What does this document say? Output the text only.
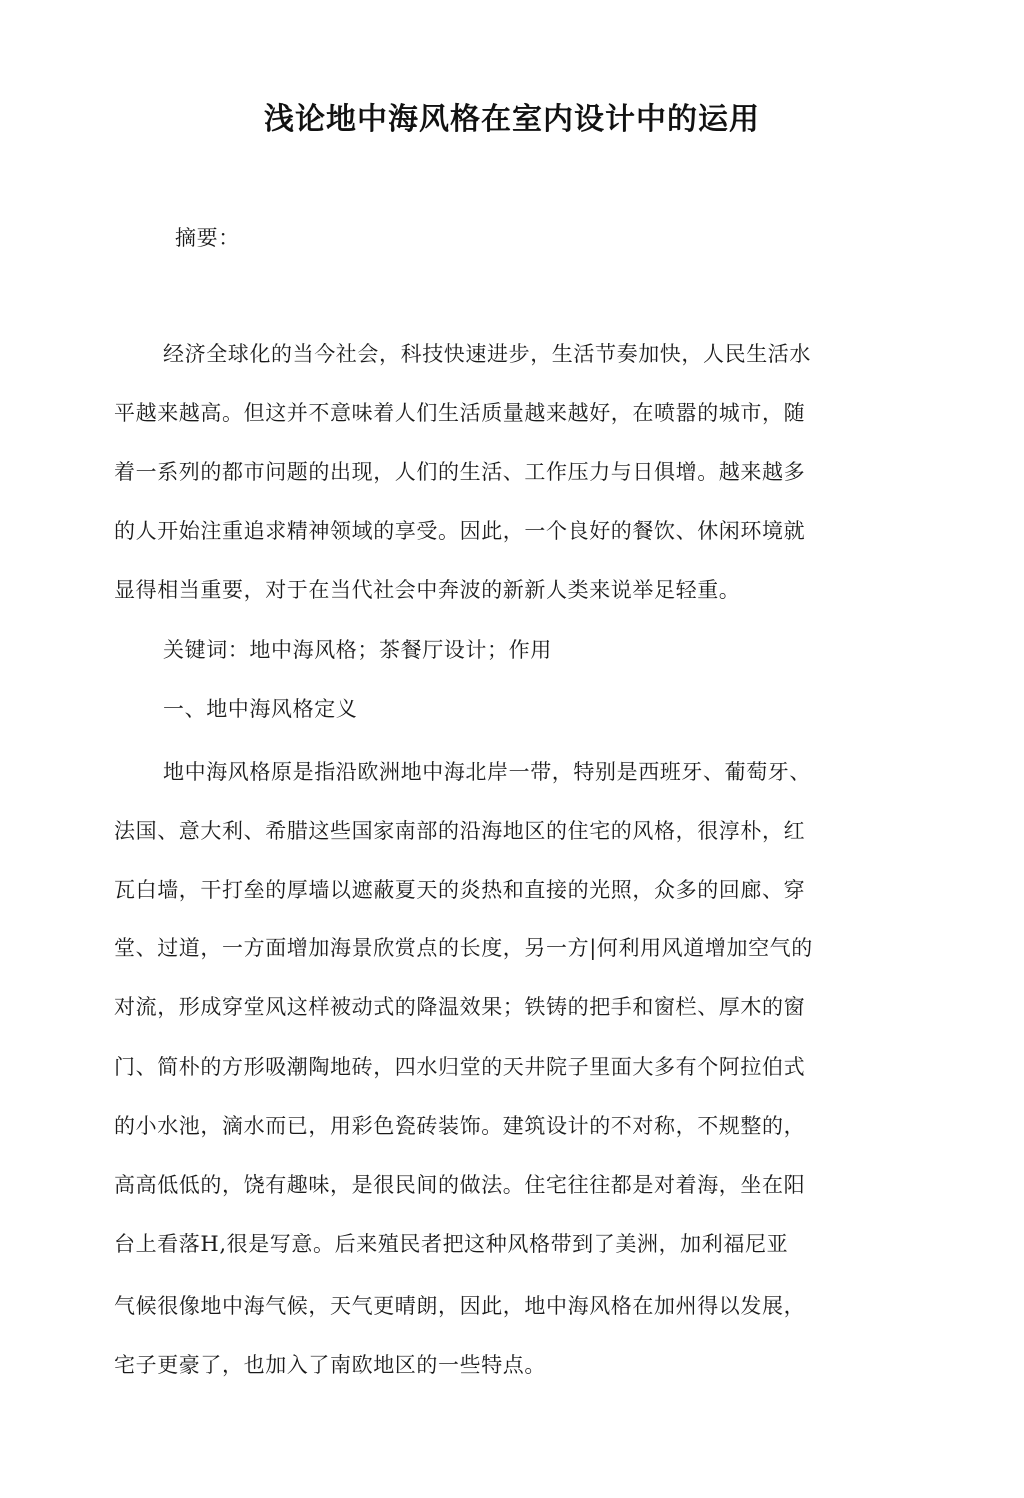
浅论地中海风格在室内设计中的运用

摘要：

经济全球化的当今社会，科技快速进步，生活节奏加快，人民生活水

平越来越高。但这并不意味着人们生活质量越来越好，在喷嚣的城市，随

着一系列的都市问题的出现，人们的生活、工作压力与日俱增。越来越多

的人开始注重追求精神领域的享受。因此，一个良好的餐饮、休闲环境就

显得相当重要，对于在当代社会中奔波的新新人类来说举足轻重。

关键词：地中海风格；茶餐厅设计；作用

一、地中海风格定义

地中海风格原是指沿欧洲地中海北岸一带，特别是西班牙、葡萄牙、

法国、意大利、希腊这些国家南部的沿海地区的住宅的风格，很淳朴，红

瓦白墙，干打垒的厚墙以遮蔽夏天的炎热和直接的光照，众多的回廊、穿

堂、过道，一方面增加海景欣赏点的长度，另一方|何利用风道增加空气的

对流，形成穿堂风这样被动式的降温效果；铁铸的把手和窗栏、厚木的窗

门、简朴的方形吸潮陶地砖，四水归堂的天井院子里面大多有个阿拉伯式

的小水池，滴水而已，用彩色瓷砖装饰。建筑设计的不对称，不规整的，

高高低低的，饶有趣味，是很民间的做法。住宅往往都是对着海，坐在阳

台上看落H,很是写意。后来殖民者把这种风格带到了美洲，加利福尼亚

气候很像地中海气候，天气更晴朗，因此，地中海风格在加州得以发展，

宅子更豪了，也加入了南欧地区的一些特点。
